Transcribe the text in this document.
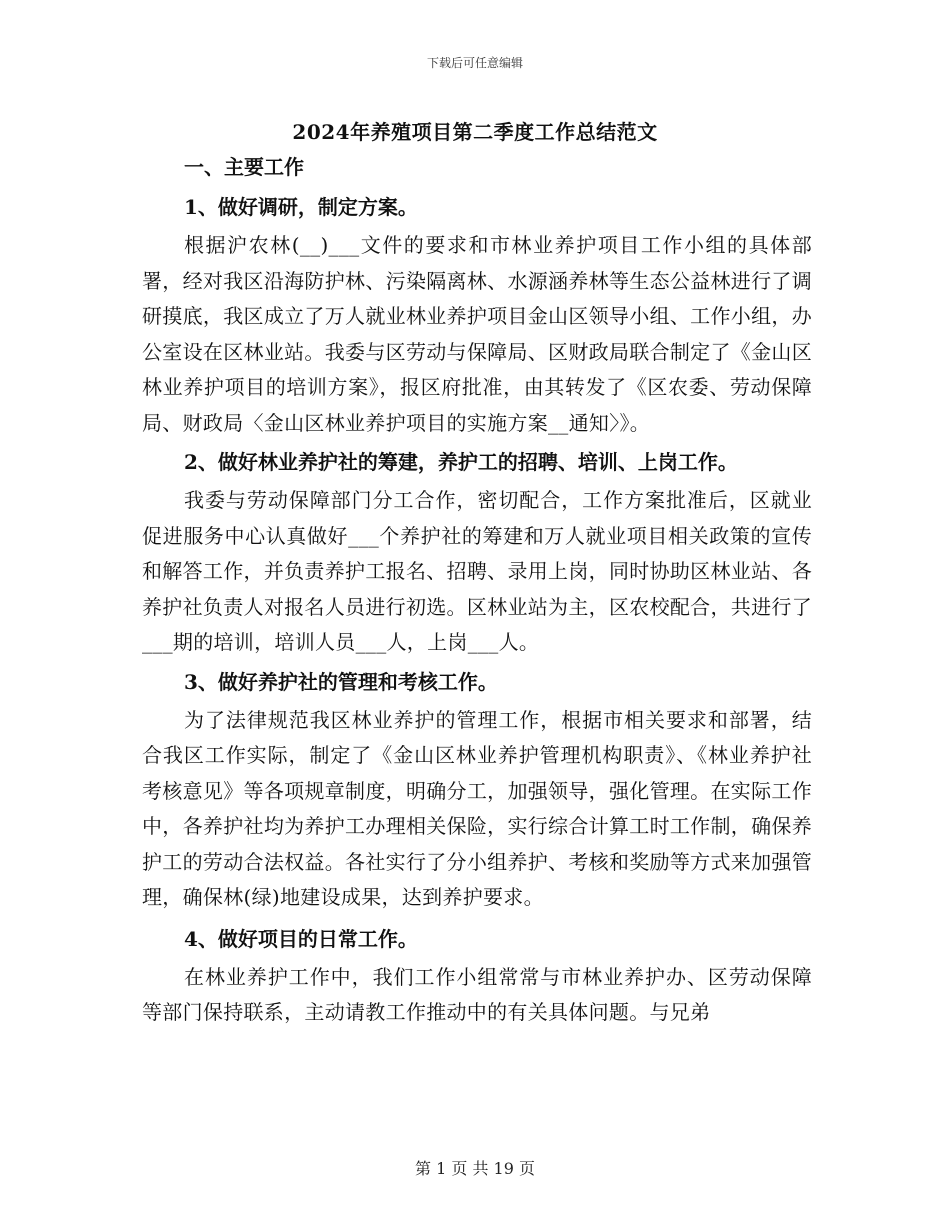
下载后可任意编辑
2024年养殖项目第二季度工作总结范文

一、主要工作

1、做好调研，制定方案。

根据沪农林(__)___文件的要求和市林业养护项目工作小组的具体部署，经对我区沿海防护林、污染隔离林、水源涵养林等生态公益林进行了调研摸底，我区成立了万人就业林业养护项目金山区领导小组、工作小组，办公室设在区林业站。我委与区劳动与保障局、区财政局联合制定了《金山区林业养护项目的培训方案》，报区府批准，由其转发了《区农委、劳动保障局、财政局〈金山区林业养护项目的实施方案__通知〉》。

2、做好林业养护社的筹建，养护工的招聘、培训、上岗工作。

我委与劳动保障部门分工合作，密切配合，工作方案批准后，区就业促进服务中心认真做好___个养护社的筹建和万人就业项目相关政策的宣传和解答工作，并负责养护工报名、招聘、录用上岗，同时协助区林业站、各养护社负责人对报名人员进行初选。区林业站为主，区农校配合，共进行了___期的培训，培训人员___人，上岗___人。

3、做好养护社的管理和考核工作。

为了法律规范我区林业养护的管理工作，根据市相关要求和部署，结合我区工作实际，制定了《金山区林业养护管理机构职责》、《林业养护社考核意见》等各项规章制度，明确分工，加强领导，强化管理。在实际工作中，各养护社均为养护工办理相关保险，实行综合计算工时工作制，确保养护工的劳动合法权益。各社实行了分小组养护、考核和奖励等方式来加强管理，确保林(绿)地建设成果，达到养护要求。

4、做好项目的日常工作。

在林业养护工作中，我们工作小组常常与市林业养护办、区劳动保障等部门保持联系，主动请教工作推动中的有关具体问题。与兄弟

第 1 页 共 19 页
